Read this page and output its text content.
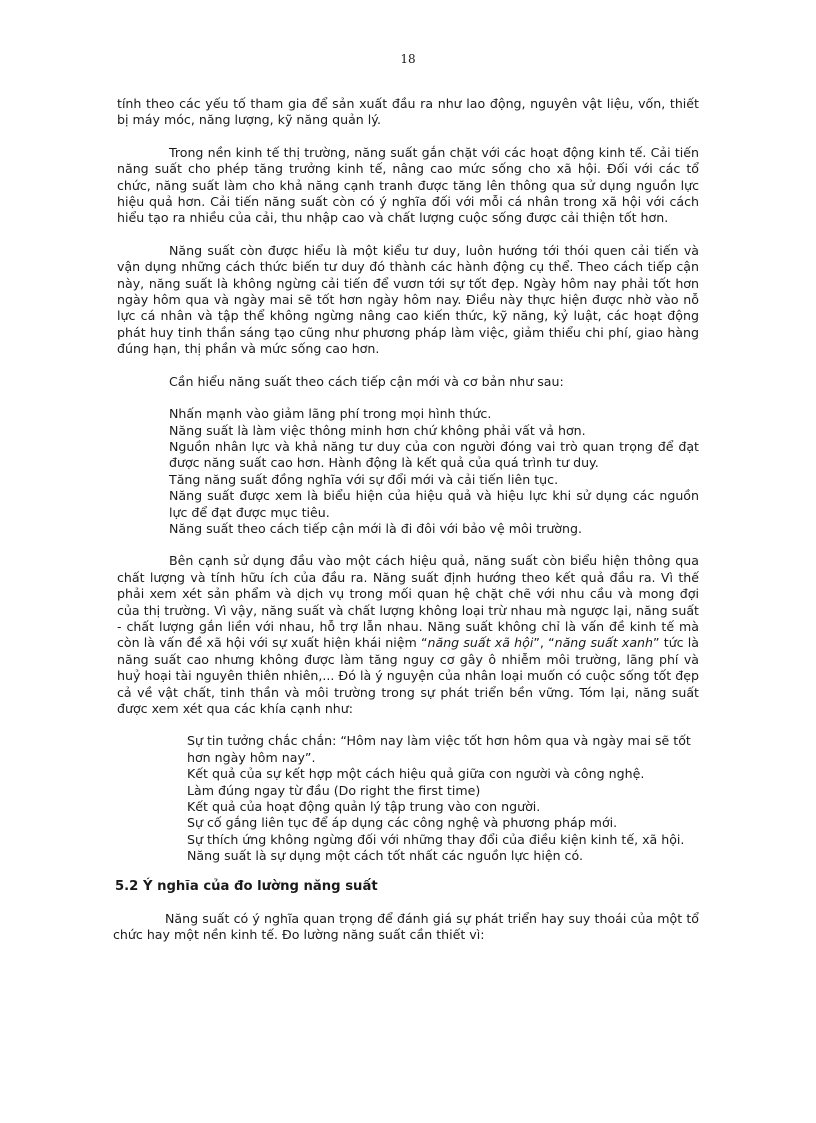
18

tính theo các yếu tố tham gia để sản xuất đầu ra như lao động, nguyên vật liệu, vốn, thiết bị máy móc, năng lượng, kỹ năng quản lý.

Trong nền kinh tế thị trường, năng suất gắn chặt với các hoạt động kinh tế. Cải tiến năng suất cho phép tăng trưởng kinh tế, nâng cao mức sống cho xã hội. Đối với các tổ chức, năng suất làm cho khả năng cạnh tranh được tăng lên thông qua sử dụng nguồn lực hiệu quả hơn. Cải tiến năng suất còn có ý nghĩa đối với mỗi cá nhân trong xã hội với cách hiểu tạo ra nhiều của cải, thu nhập cao và chất lượng cuộc sống được cải thiện tốt hơn.

Năng suất còn được hiểu là một kiểu tư duy, luôn hướng tới thói quen cải tiến và vận dụng những cách thức biến tư duy đó thành các hành động cụ thể. Theo cách tiếp cận này, năng suất là không ngừng cải tiến để vươn tới sự tốt đẹp. Ngày hôm nay phải tốt hơn ngày hôm qua và ngày mai sẽ tốt hơn ngày hôm nay. Điều này thực hiện được nhờ vào nỗ lực cá nhân và tập thể không ngừng nâng cao kiến thức, kỹ năng, kỷ luật, các hoạt động phát huy tinh thần sáng tạo cũng như phương pháp làm việc, giảm thiểu chi phí, giao hàng đúng hạn, thị phần và mức sống cao hơn.

Cần hiểu năng suất theo cách tiếp cận mới và cơ bản như sau:

Nhấn mạnh vào giảm lãng phí trong mọi hình thức.
Năng suất là làm việc thông minh hơn chứ không phải vất vả hơn.
Nguồn nhân lực và khả năng tư duy của con người đóng vai trò quan trọng để đạt được năng suất cao hơn. Hành động là kết quả của quá trình tư duy.
Tăng năng suất đồng nghĩa với sự đổi mới và cải tiến liên tục.
Năng suất được xem là biểu hiện của hiệu quả và hiệu lực khi sử dụng các nguồn lực để đạt được mục tiêu.
Năng suất theo cách tiếp cận mới là đi đôi với bảo vệ môi trường.

Bên cạnh sử dụng đầu vào một cách hiệu quả, năng suất còn biểu hiện thông qua chất lượng và tính hữu ích của đầu ra. Năng suất định hướng theo kết quả đầu ra. Vì thế phải xem xét sản phẩm và dịch vụ trong mối quan hệ chặt chẽ với nhu cầu và mong đợi của thị trường. Vì vậy, năng suất và chất lượng không loại trừ nhau mà ngược lại, năng suất - chất lượng gắn liền với nhau, hỗ trợ lẫn nhau. Năng suất không chỉ là vấn đề kinh tế mà còn là vấn đề xã hội với sự xuất hiện khái niệm “năng suất xã hội”, “năng suất xanh” tức là năng suất cao nhưng không được làm tăng nguy cơ gây ô nhiễm môi trường, lãng phí và huỷ hoại tài nguyên thiên nhiên,... Đó là ý nguyện của nhân loại muốn có cuộc sống tốt đẹp cả về vật chất, tinh thần và môi trường trong sự phát triển bền vững. Tóm lại, năng suất được xem xét qua các khía cạnh như:

Sự tin tưởng chắc chắn: “Hôm nay làm việc tốt hơn hôm qua và ngày mai sẽ tốt hơn ngày hôm nay”.
Kết quả của sự kết hợp một cách hiệu quả giữa con người và công nghệ.
Làm đúng ngay từ đầu (Do right the first time)
Kết quả của hoạt động quản lý tập trung vào con người.
Sự cố gắng liên tục để áp dụng các công nghệ và phương pháp mới.
Sự thích ứng không ngừng đối với những thay đổi của điều kiện kinh tế, xã hội.
Năng suất là sự dụng một cách tốt nhất các nguồn lực hiện có.
5.2 Ý nghĩa của đo lường năng suất

Năng suất có ý nghĩa quan trọng để đánh giá sự phát triển hay suy thoái của một tổ chức hay một nền kinh tế. Đo lường năng suất cần thiết vì:
